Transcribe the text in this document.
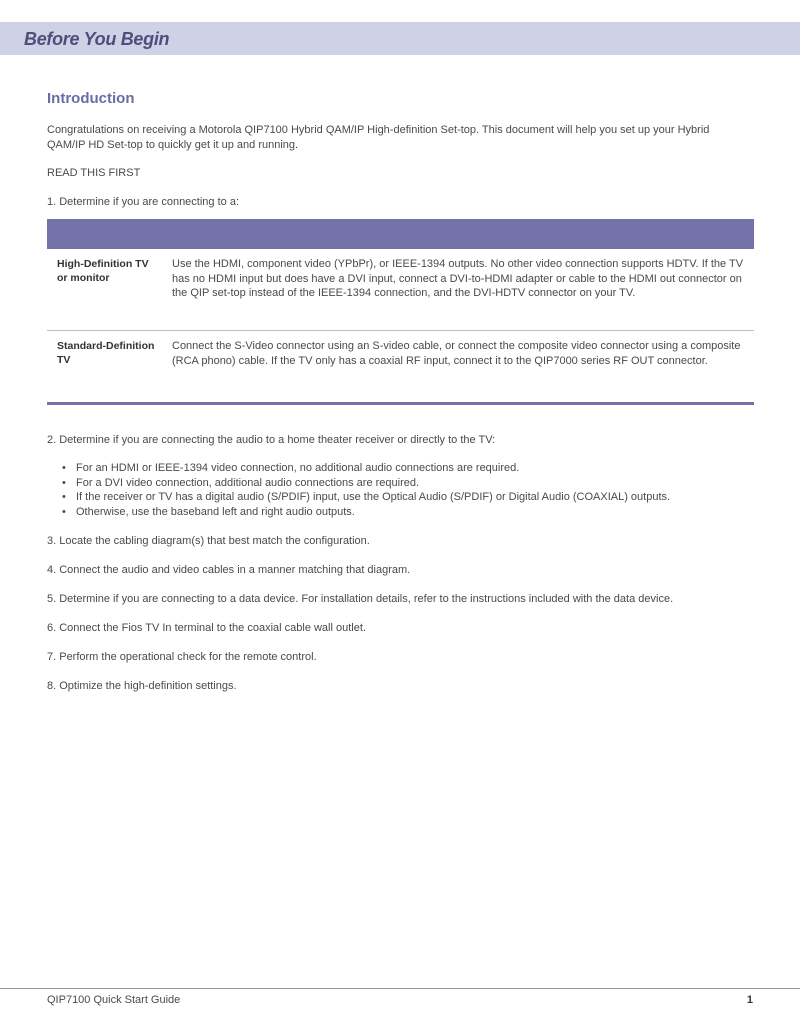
Before You Begin
Introduction
Congratulations on receiving a Motorola QIP7100 Hybrid QAM/IP High-definition Set-top. This document will help you set up your Hybrid QAM/IP HD Set-top to quickly get it up and running.
READ THIS FIRST
1. Determine if you are connecting to a:
High-Definition TV or monitor
Use the HDMI, component video (YPbPr), or IEEE-1394 outputs. No other video connection supports HDTV. If the TV has no HDMI input but does have a DVI input, connect a DVI-to-HDMI adapter or cable to the HDMI out connector on the QIP set-top instead of the IEEE-1394 connection, and the DVI-HDTV connector on your TV.
Standard-Definition TV
Connect the S-Video connector using an S-video cable, or connect the composite video connector using a composite (RCA phono) cable. If the TV only has a coaxial RF input, connect it to the QIP7000 series RF OUT connector.
2. Determine if you are connecting the audio to a home theater receiver or directly to the TV:
• For an HDMI or IEEE-1394 video connection, no additional audio connections are required.
• For a DVI video connection, additional audio connections are required.
• If the receiver or TV has a digital audio (S/PDIF) input, use the Optical Audio (S/PDIF) or Digital Audio (COAXIAL) outputs.
• Otherwise, use the baseband left and right audio outputs.
3. Locate the cabling diagram(s) that best match the configuration.
4. Connect the audio and video cables in a manner matching that diagram.
5. Determine if you are connecting to a data device. For installation details, refer to the instructions included with the data device.
6. Connect the Fios TV In terminal to the coaxial cable wall outlet.
7. Perform the operational check for the remote control.
8. Optimize the high-definition settings.
QIP7100 Quick Start Guide	1
